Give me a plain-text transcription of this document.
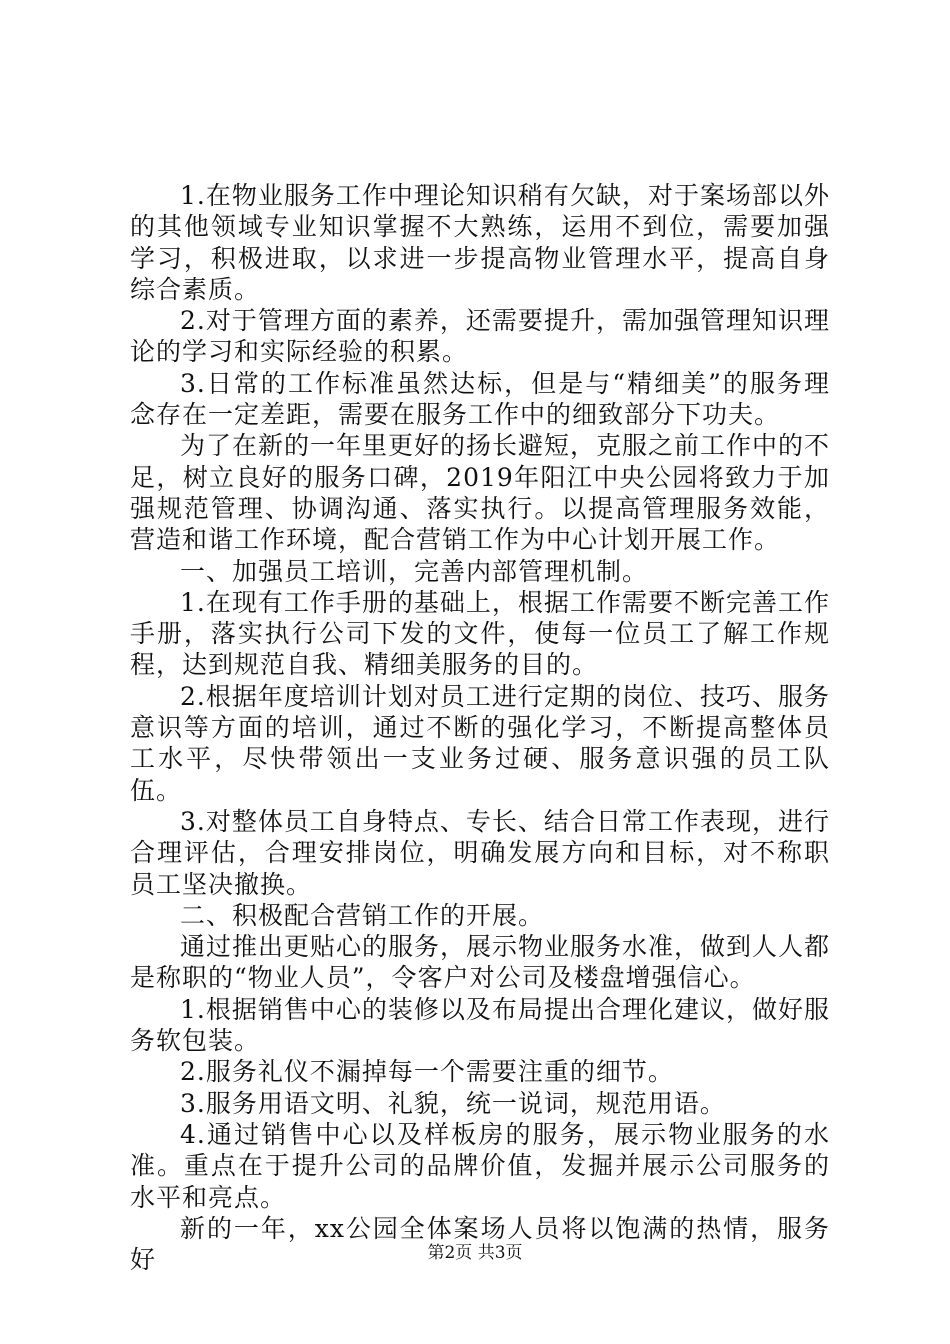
1.在物业服务工作中理论知识稍有欠缺，对于案场部以外的其他领域专业知识掌握不大熟练，运用不到位，需要加强学习，积极进取，以求进一步提高物业管理水平，提高自身综合素质。

2.对于管理方面的素养，还需要提升，需加强管理知识理论的学习和实际经验的积累。

3.日常的工作标准虽然达标，但是与“精细美”的服务理念存在一定差距，需要在服务工作中的细致部分下功夫。

为了在新的一年里更好的扬长避短，克服之前工作中的不足，树立良好的服务口碑，2019年阳江中央公园将致力于加强规范管理、协调沟通、落实执行。以提高管理服务效能，营造和谐工作环境，配合营销工作为中心计划开展工作。

一、加强员工培训，完善内部管理机制。

1.在现有工作手册的基础上，根据工作需要不断完善工作手册，落实执行公司下发的文件，使每一位员工了解工作规程，达到规范自我、精细美服务的目的。

2.根据年度培训计划对员工进行定期的岗位、技巧、服务意识等方面的培训，通过不断的强化学习，不断提高整体员工水平，尽快带领出一支业务过硬、服务意识强的员工队伍。

3.对整体员工自身特点、专长、结合日常工作表现，进行合理评估，合理安排岗位，明确发展方向和目标，对不称职员工坚决撤换。

二、积极配合营销工作的开展。

通过推出更贴心的服务，展示物业服务水准，做到人人都是称职的“物业人员”，令客户对公司及楼盘增强信心。

1.根据销售中心的装修以及布局提出合理化建议，做好服务软包装。

2.服务礼仪不漏掉每一个需要注重的细节。

3.服务用语文明、礼貌，统一说词，规范用语。

4.通过销售中心以及样板房的服务，展示物业服务的水准。重点在于提升公司的品牌价值，发掘并展示公司服务的水平和亮点。

新的一年，xx公园全体案场人员将以饱满的热情，服务好	第2页 共3页
